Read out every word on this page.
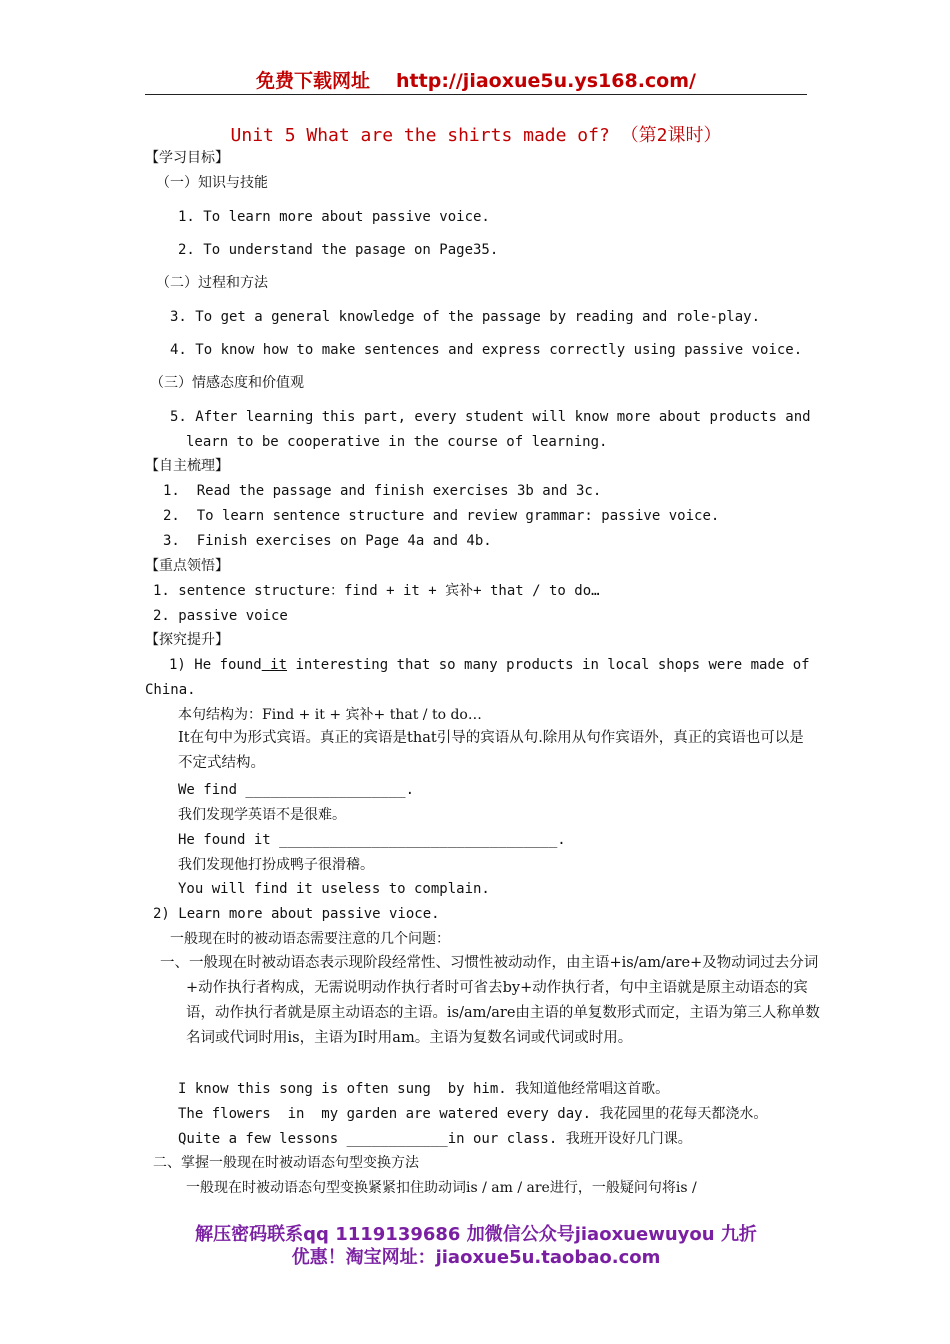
免费下载网址 http://jiaoxue5u.ys168.com/
Unit 5 What are the shirts made of? （第2课时）
【学习目标】
（一）知识与技能
1. To learn more about passive voice.
2. To understand the pasage on Page35.
（二）过程和方法
3. To get a general knowledge of the passage by reading and role-play.
4. To know how to make sentences and express correctly using passive voice.
（三）情感态度和价值观
5. After learning this part, every student will know more about products and
learn to be cooperative in the course of learning.
【自主梳理】
1.  Read the passage and finish exercises 3b and 3c.
2.  To learn sentence structure and review grammar: passive voice.
3.  Finish exercises on Page 4a and 4b.
【重点领悟】
1. sentence structure：find + it + 宾补+ that / to do…
2. passive voice
【探究提升】
1) He found it interesting that so many products in local shops were made of
China.
本句结构为：Find + it + 宾补+ that / to do…
It在句中为形式宾语。真正的宾语是that引导的宾语从句.除用从句作宾语外，真正的宾语也可以是不定式结构。
We find ___________________.
我们发现学英语不是很难。
He found it _________________________________.
我们发现他打扮成鸭子很滑稽。
You will find it useless to complain.
2) Learn more about passive vioce.
一般现在时的被动语态需要注意的几个问题：
一、一般现在时被动语态表示现阶段经常性、习惯性被动动作，由主语+is/am/are+及物动词过去分词+动作执行者构成，无需说明动作执行者时可省去by+动作执行者，句中主语就是原主动语态的宾语，动作执行者就是原主动语态的主语。is/am/are由主语的单复数形式而定，主语为第三人称单数名词或代词时用is，主语为I时用am。主语为复数名词或代词或时用。
I know this song is often sung  by him. 我知道他经常唱这首歌。
The flowers  in  my garden are watered every day. 我花园里的花每天都浇水。
Quite a few lessons ____________in our class. 我班开设好几门课。
二、掌握一般现在时被动语态句型变换方法
一般现在时被动语态句型变换紧紧扣住助动词is / am / are进行，一般疑问句将is /
解压密码联系qq 1119139686 加微信公众号jiaoxuewuyou 九折
优惠！淘宝网址：jiaoxue5u.taobao.com
